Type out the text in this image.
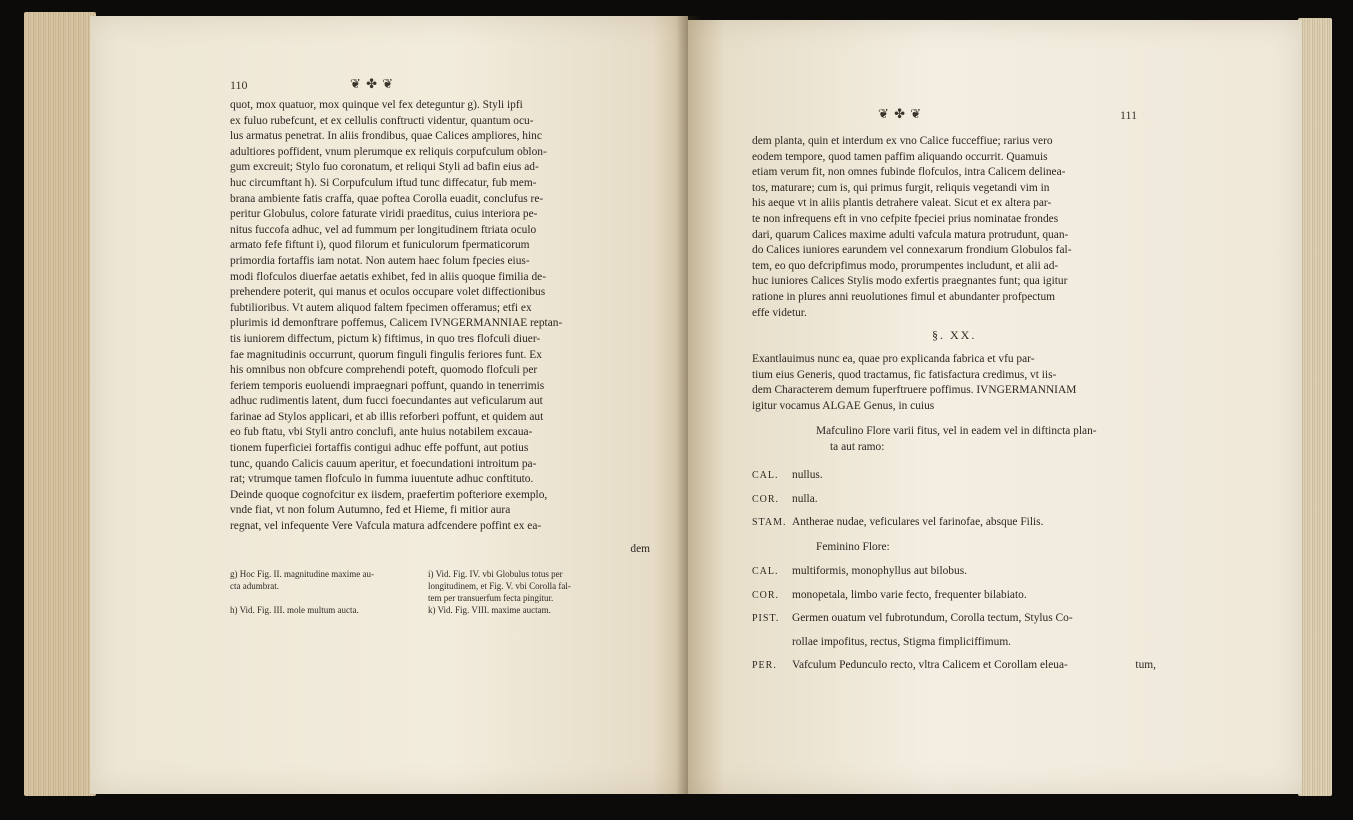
110	❦ ✤ ❦
quot, mox quatuor, mox quinque vel fex deteguntur g). Styli ipfi
ex fuluo rubefcunt, et ex cellulis conftructi videntur, quantum ocu-
lus armatus penetrat. In aliis frondibus, quae Calices ampliores, hinc
adultiores poffident, vnum plerumque ex reliquis corpufculum oblon-
gum excreuit; Stylo fuo coronatum, et reliqui Styli ad bafin eius ad-
huc circumftant h). Si Corpufculum iftud tunc diffecatur, fub mem-
brana ambiente fatis craffa, quae poftea Corolla euadit, conclufus re-
peritur Globulus, colore faturate viridi praeditus, cuius interiora pe-
nitus fuccofa adhuc, vel ad fummum per longitudinem ftriata oculo
armato fefe fiftunt i), quod filorum et funiculorum fpermaticorum
primordia fortaffis iam notat. Non autem haec folum fpecies eius-
modi flofculos diuerfae aetatis exhibet, fed in aliis quoque fimilia de-
prehendere poterit, qui manus et oculos occupare volet diffectionibus
fubtilioribus. Vt autem aliquod faltem fpecimen offeramus; etfi ex
plurimis id demonftrare poffemus, Calicem IVNGERMANNIAE reptan-
tis iuniorem diffectum, pictum k) fiftimus, in quo tres flofculi diuer-
fae magnitudinis occurrunt, quorum finguli fingulis feriores funt. Ex
his omnibus non obfcure comprehendi poteft, quomodo flofculi per
feriem temporis euoluendi impraegnari poffunt, quando in tenerrimis
adhuc rudimentis latent, dum fucci foecundantes aut veficularum aut
farinae ad Stylos applicari, et ab illis reforberi poffunt, et quidem aut
eo fub ftatu, vbi Styli antro conclufi, ante huius notabilem excaua-
tionem fuperficiei fortaffis contigui adhuc effe poffunt, aut potius
tunc, quando Calicis cauum aperitur, et foecundationi introitum pa-
rat; vtrumque tamen flofculo in fumma iuuentute adhuc conftituto.
Deinde quoque cognofcitur ex iisdem, praefertim pofteriore exemplo,
vnde fiat, vt non folum Autumno, fed et Hieme, fi mitior aura
regnat, vel infequente Vere Vafcula matura adfcendere poffint ex ea-
dem
g) Hoc Fig. II. magnitudine maxime au-
cta adumbrat.

h) Vid. Fig. III. mole multum aucta.
i) Vid. Fig. IV. vbi Globulus totus per
longitudinem, et Fig. V. vbi Corolla fal-
tem per transuerfum fecta pingitur.
k) Vid. Fig. VIII. maxime auctam.
❦ ✤ ❦	111
dem planta, quin et interdum ex vno Calice fucceffiue; rarius vero
eodem tempore, quod tamen paffim aliquando occurrit. Quamuis
etiam verum fit, non omnes fubinde flofculos, intra Calicem delinea-
tos, maturare; cum is, qui primus furgit, reliquis vegetandi vim in
his aeque vt in aliis plantis detrahere valeat. Sicut et ex altera par-
te non infrequens eft in vno cefpite fpeciei prius nominatae frondes
dari, quarum Calices maxime adulti vafcula matura protrudunt, quan-
do Calices iuniores earundem vel connexarum frondium Globulos fal-
tem, eo quo defcripfimus modo, prorumpentes includunt, et alii ad-
huc iuniores Calices Stylis modo exfertis praegnantes funt; qua igitur
ratione in plures anni reuolutiones fimul et abundanter profpectum
effe videtur.
§. XX.
Exantlauimus nunc ea, quae pro explicanda fabrica et vfu par-
tium eius Generis, quod tractamus, fic fatisfactura credimus, vt iis-
dem Characterem demum fuperftruere poffimus. IVNGERMANNIAM
igitur vocamus ALGAE Genus, in cuius
Mafculino Flore varii fitus, vel in eadem vel in diftincta plan-
ta aut ramo:
CAL. nullus.
COR. nulla.
STAM. Antherae nudae, veficulares vel farinofae, absque Filis.
Feminino Flore:
CAL. multiformis, monophyllus aut bilobus.
COR. monopetala, limbo varie fecto, frequenter bilabiato.
PIST. Germen ouatum vel fubrotundum, Corolla tectum, Stylus Co-
rollae impofitus, rectus, Stigma fimpliciffimum.
PER. Vafculum Pedunculo recto, vltra Calicem et Corollam eleua-	tum,
